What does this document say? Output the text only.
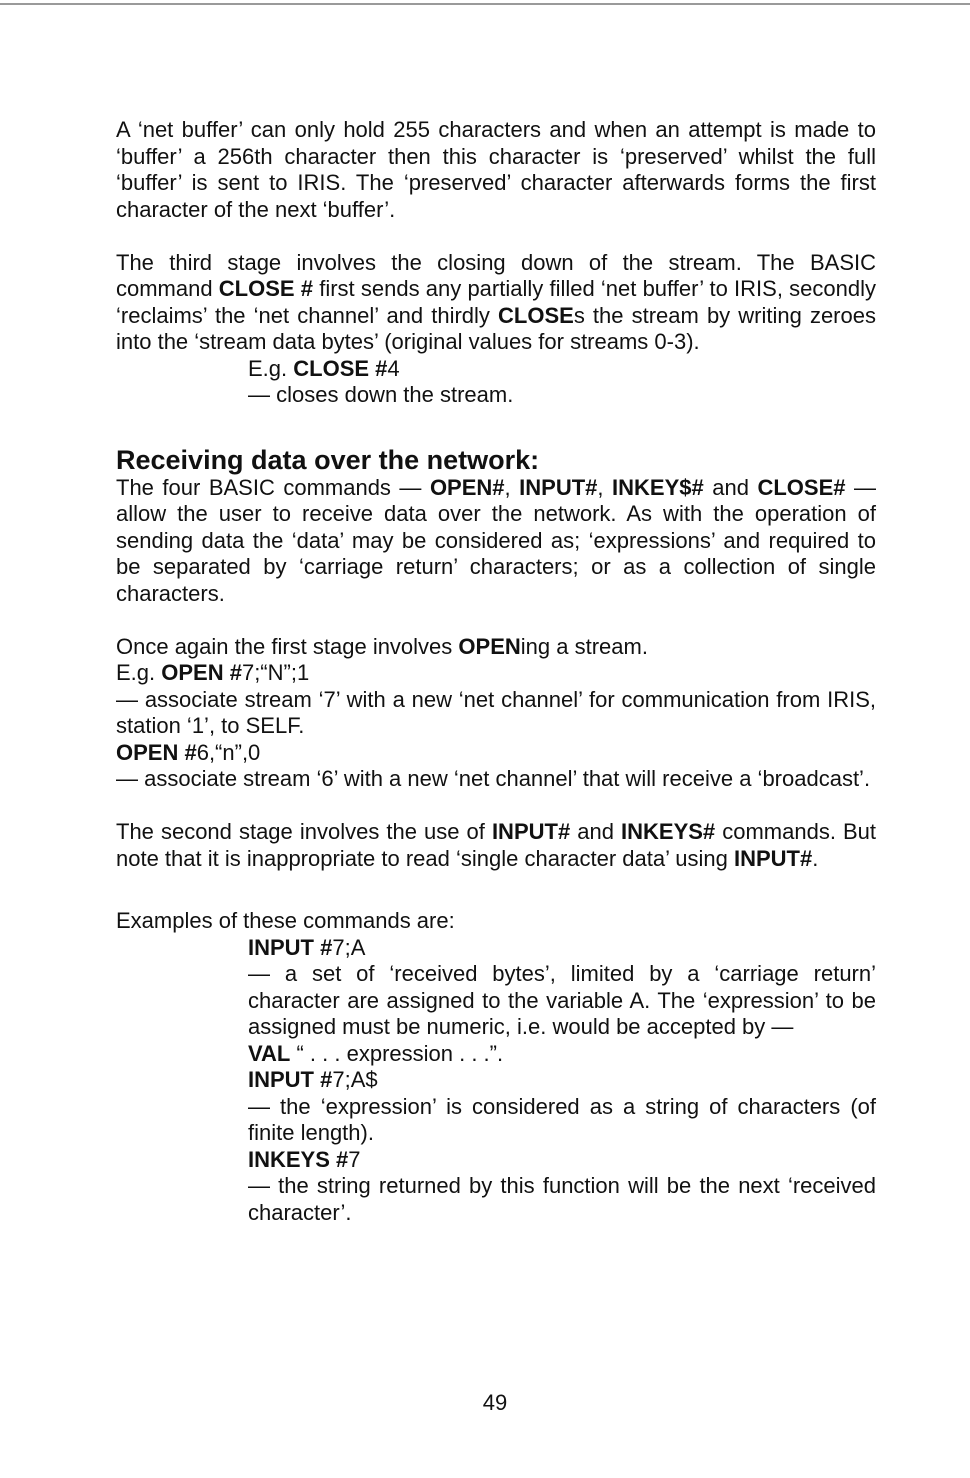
A ‘net buffer’ can only hold 255 characters and when an attempt is made to ‘buffer’ a 256th character then this character is ‘preserved’ whilst the full ‘buffer’ is sent to IRIS. The ‘preserved’ character afterwards forms the first character of the next ‘buffer’.

The third stage involves the closing down of the stream. The BASIC command CLOSE # first sends any partially filled ‘net buffer’ to IRIS, secondly ‘reclaims’ the ‘net channel’ and thirdly CLOSEs the stream by writing zeroes into the ‘stream data bytes’ (original values for streams 0-3).

E.g. CLOSE #4

— closes down the stream.

Receiving data over the network:

The four BASIC commands — OPEN#, INPUT#, INKEY$# and CLOSE# — allow the user to receive data over the network. As with the operation of sending data the ‘data’ may be considered as; ‘expressions’ and required to be separated by ‘carriage return’ characters; or as a collection of single characters.

Once again the first stage involves OPENing a stream.

E.g. OPEN #7;“N”;1

— associate stream ‘7’ with a new ‘net channel’ for communication from IRIS, station ‘1’, to SELF.

OPEN #6,“n”,0

— associate stream ‘6’ with a new ‘net channel’ that will receive a ‘broadcast’.

The second stage involves the use of INPUT# and INKEYS# commands. But note that it is inappropriate to read ‘single character data’ using INPUT#.

Examples of these commands are:

INPUT #7;A

— a set of ‘received bytes’, limited by a ‘carriage return’ character are assigned to the variable A. The ‘expression’ to be assigned must be numeric, i.e. would be accepted by —

VAL “ . . . expression . . .”.

INPUT #7;A$

— the ‘expression’ is considered as a string of characters (of finite length).

INKEYS #7

— the string returned by this function will be the next ‘received character’.

49
